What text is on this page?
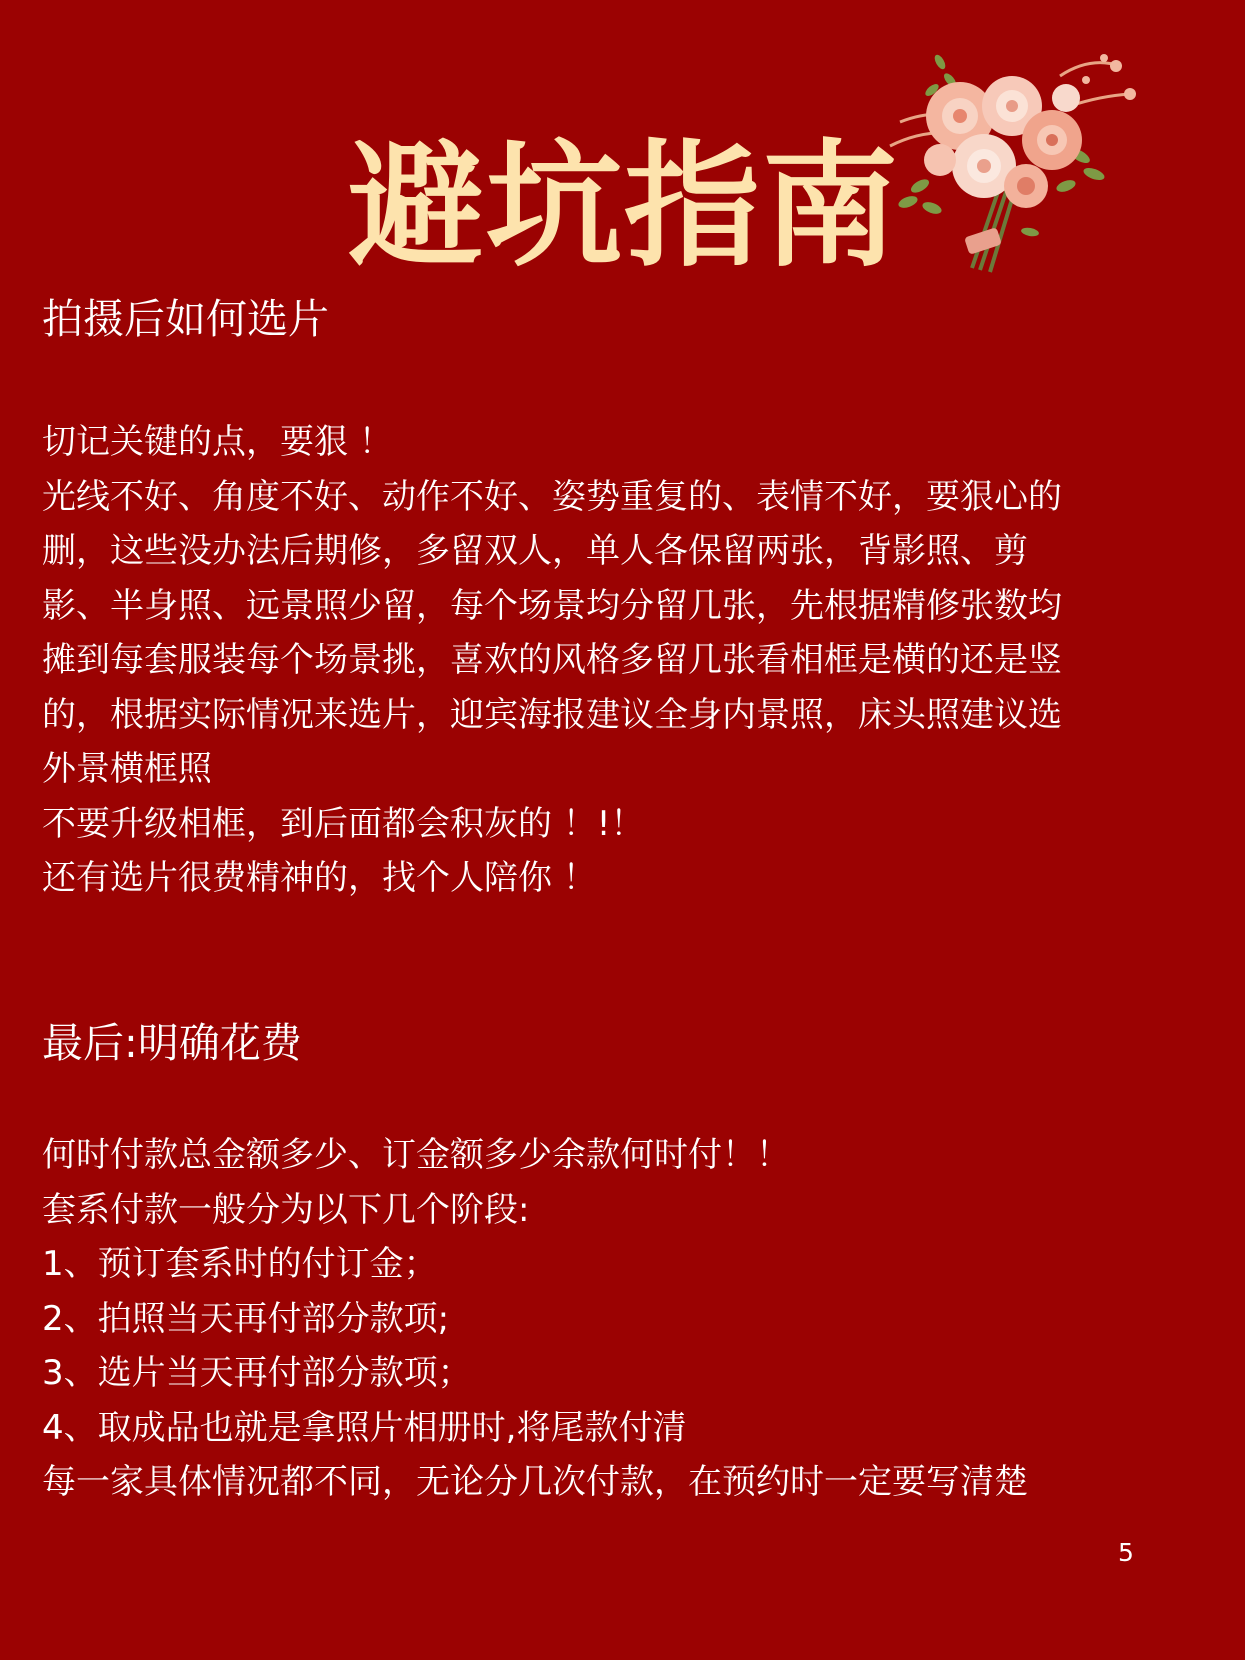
避坑指南
拍摄后如何选片
切记关键的点，要狠 ！
光线不好、角度不好、动作不好、姿势重复的、表情不好，要狠心的
删，这些没办法后期修，多留双人，单人各保留两张，背影照、剪
影、半身照、远景照少留，每个场景均分留几张，先根据精修张数均
摊到每套服装每个场景挑，喜欢的风格多留几张看相框是横的还是竖
的，根据实际情况来选片，迎宾海报建议全身内景照，床头照建议选
外景横框照
不要升级相框，到后面都会积灰的 ！!！
还有选片很费精神的，找个人陪你 ！
最后:明确花费
何时付款总金额多少、订金额多少余款何时付！！
套系付款一般分为以下几个阶段:
1、预订套系时的付订金；
2、拍照当天再付部分款项;
3、选片当天再付部分款项；
4、取成品也就是拿照片相册时,将尾款付清
每一家具体情况都不同，无论分几次付款，在预约时一定要写清楚
5
